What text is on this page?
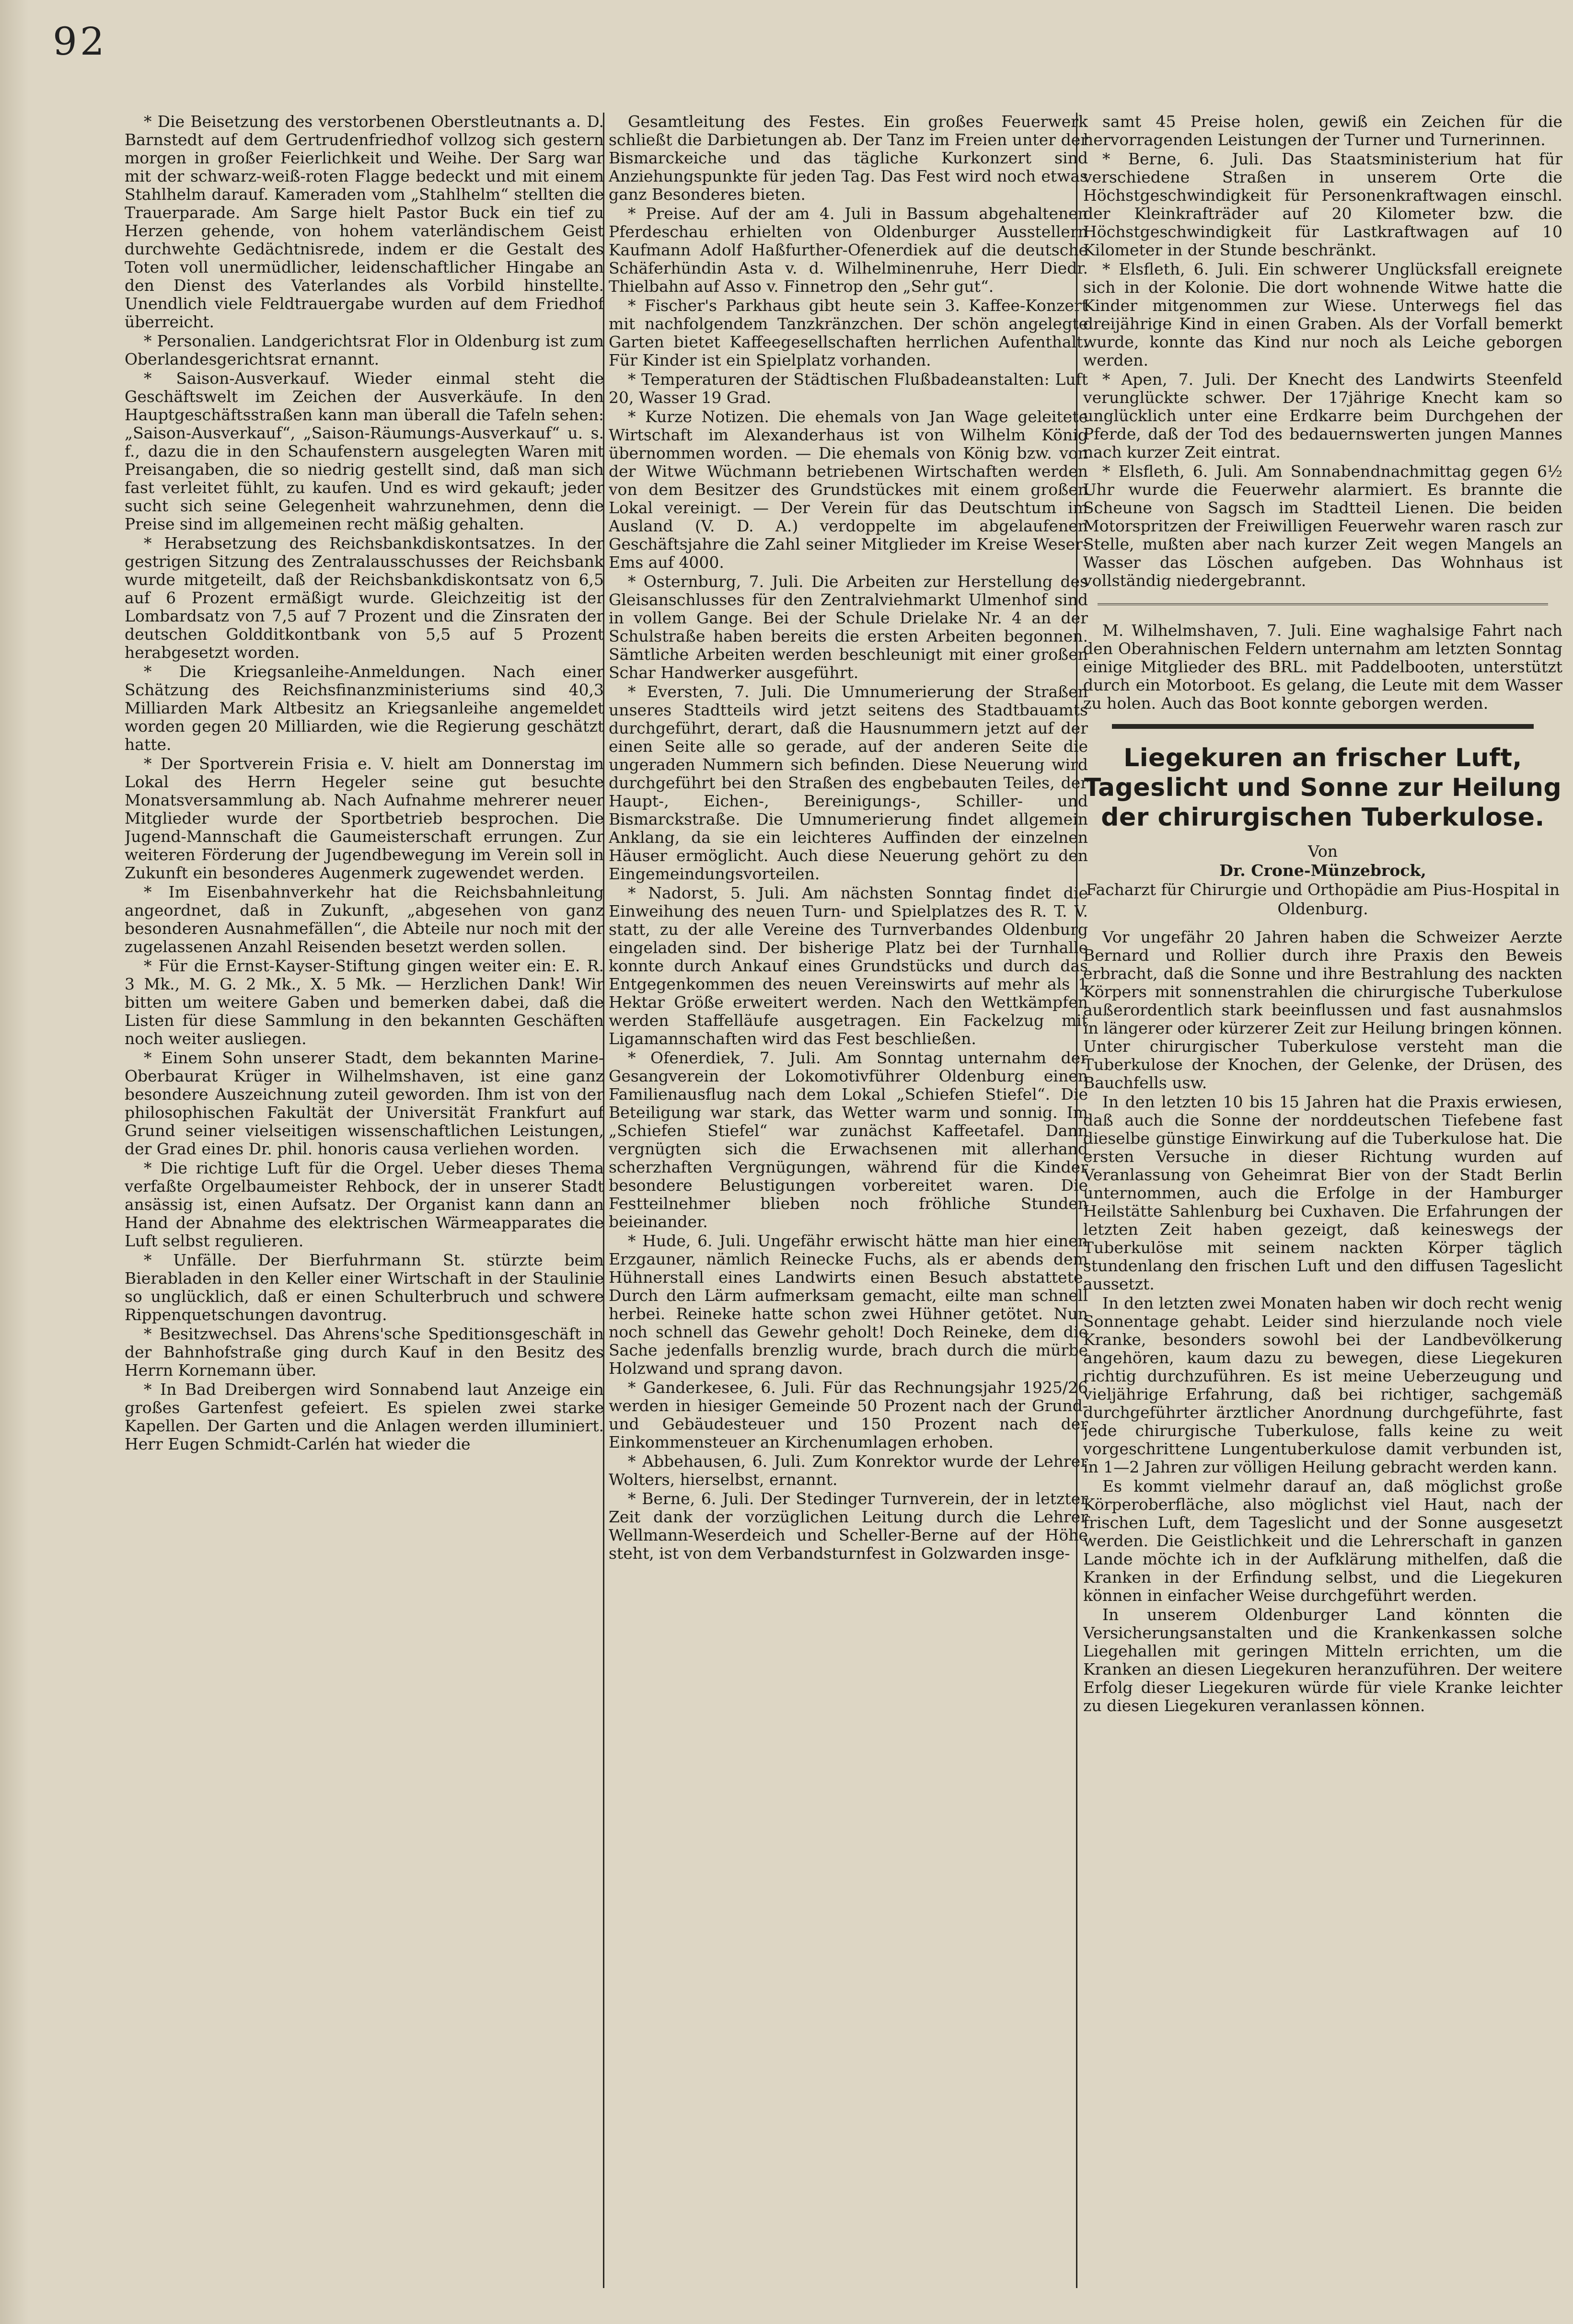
92

* Die Beisetzung des verstorbenen Oberstleutnants a. D. Barnstedt auf dem Gertrudenfriedhof vollzog sich gestern morgen in großer Feierlichkeit und Weihe. Der Sarg war mit der schwarz-weiß-roten Flagge bedeckt und mit einem Stahlhelm darauf. Kameraden vom „Stahlhelm“ stellten die Trauerparade. Am Sarge hielt Pastor Buck ein tief zu Herzen gehende, von hohem vaterländischem Geist durchwehte Gedächtnisrede, indem er die Gestalt des Toten voll unermüdlicher, leidenschaftlicher Hingabe an den Dienst des Vaterlandes als Vorbild hinstellte. Unendlich viele Feldtrauergabe wurden auf dem Friedhof überreicht.

* Personalien. Landgerichtsrat Flor in Oldenburg ist zum Oberlandesgerichtsrat ernannt.

* Saison-Ausverkauf. Wieder einmal steht die Geschäftswelt im Zeichen der Ausverkäufe. In den Hauptgeschäftsstraßen kann man überall die Tafeln sehen: „Saison-Ausverkauf“, „Saison-Räumungs-Ausverkauf“ u. s. f., dazu die in den Schaufenstern ausgelegten Waren mit Preisangaben, die so niedrig gestellt sind, daß man sich fast verleitet fühlt, zu kaufen. Und es wird gekauft; jeder sucht sich seine Gelegenheit wahrzunehmen, denn die Preise sind im allgemeinen recht mäßig gehalten.

* Herabsetzung des Reichsbankdiskontsatzes. In der gestrigen Sitzung des Zentralausschusses der Reichsbank wurde mitgeteilt, daß der Reichsbankdiskontsatz von 6,5 auf 6 Prozent ermäßigt wurde. Gleichzeitig ist der Lombardsatz von 7,5 auf 7 Prozent und die Zinsraten der deutschen Goldditkontbank von 5,5 auf 5 Prozent herabgesetzt worden.

* Die Kriegsanleihe-Anmeldungen. Nach einer Schätzung des Reichsfinanzministeriums sind 40,3 Milliarden Mark Altbesitz an Kriegsanleihe angemeldet worden gegen 20 Milliarden, wie die Regierung geschätzt hatte.

* Der Sportverein Frisia e. V. hielt am Donnerstag im Lokal des Herrn Hegeler seine gut besuchte Monatsversammlung ab. Nach Aufnahme mehrerer neuer Mitglieder wurde der Sportbetrieb besprochen. Die Jugend-Mannschaft die Gaumeisterschaft errungen. Zur weiteren Förderung der Jugendbewegung im Verein soll in Zukunft ein besonderes Augenmerk zugewendet werden.

* Im Eisenbahnverkehr hat die Reichsbahnleitung angeordnet, daß in Zukunft, „abgesehen von ganz besonderen Ausnahmefällen“, die Abteile nur noch mit der zugelassenen Anzahl Reisenden besetzt werden sollen.

* Für die Ernst-Kayser-Stiftung gingen weiter ein: E. R. 3 Mk., M. G. 2 Mk., X. 5 Mk. — Herzlichen Dank! Wir bitten um weitere Gaben und bemerken dabei, daß die Listen für diese Sammlung in den bekannten Geschäften noch weiter ausliegen.

* Einem Sohn unserer Stadt, dem bekannten Marine-Oberbaurat Krüger in Wilhelmshaven, ist eine ganz besondere Auszeichnung zuteil geworden. Ihm ist von der philosophischen Fakultät der Universität Frankfurt auf Grund seiner vielseitigen wissenschaftlichen Leistungen, der Grad eines Dr. phil. honoris causa verliehen worden.

* Die richtige Luft für die Orgel. Ueber dieses Thema verfaßte Orgelbaumeister Rehbock, der in unserer Stadt ansässig ist, einen Aufsatz. Der Organist kann dann an Hand der Abnahme des elektrischen Wärmeapparates die Luft selbst regulieren.

* Unfälle. Der Bierfuhrmann St. stürzte beim Bierabladen in den Keller einer Wirtschaft in der Staulinie so unglücklich, daß er einen Schulterbruch und schwere Rippenquetschungen davontrug.

* Besitzwechsel. Das Ahrens'sche Speditionsgeschäft in der Bahnhofstraße ging durch Kauf in den Besitz des Herrn Kornemann über.

* In Bad Dreibergen wird Sonnabend laut Anzeige ein großes Gartenfest gefeiert. Es spielen zwei starke Kapellen. Der Garten und die Anlagen werden illuminiert. Herr Eugen Schmidt-Carlén hat wieder die

Gesamtleitung des Festes. Ein großes Feuerwerk schließt die Darbietungen ab. Der Tanz im Freien unter der Bismarckeiche und das tägliche Kurkonzert sind Anziehungspunkte für jeden Tag. Das Fest wird noch etwas ganz Besonderes bieten.

* Preise. Auf der am 4. Juli in Bassum abgehaltenen Pferdeschau erhielten von Oldenburger Ausstellern Kaufmann Adolf Haßfurther-Ofenerdiek auf die deutsche Schäferhündin Asta v. d. Wilhelminenruhe, Herr Diedr. Thielbahn auf Asso v. Finnetrop den „Sehr gut“.

* Fischer's Parkhaus gibt heute sein 3. Kaffee-Konzert mit nachfolgendem Tanzkränzchen. Der schön angelegte Garten bietet Kaffeegesellschaften herrlichen Aufenthalt. Für Kinder ist ein Spielplatz vorhanden.

* Temperaturen der Städtischen Flußbadeanstalten: Luft 20, Wasser 19 Grad.

* Kurze Notizen. Die ehemals von Jan Wage geleitete Wirtschaft im Alexanderhaus ist von Wilhelm König übernommen worden. — Die ehemals von König bzw. von der Witwe Wüchmann betriebenen Wirtschaften werden von dem Besitzer des Grundstückes mit einem großen Lokal vereinigt. — Der Verein für das Deutschtum im Ausland (V. D. A.) verdoppelte im abgelaufenen Geschäftsjahre die Zahl seiner Mitglieder im Kreise Weser-Ems auf 4000.

* Osternburg, 7. Juli. Die Arbeiten zur Herstellung des Gleisanschlusses für den Zentralviehmarkt Ulmenhof sind in vollem Gange. Bei der Schule Drielake Nr. 4 an der Schulstraße haben bereits die ersten Arbeiten begonnen. Sämtliche Arbeiten werden beschleunigt mit einer großen Schar Handwerker ausgeführt.

* Eversten, 7. Juli. Die Umnumerierung der Straßen unseres Stadtteils wird jetzt seitens des Stadtbauamts durchgeführt, derart, daß die Hausnummern jetzt auf der einen Seite alle so gerade, auf der anderen Seite die ungeraden Nummern sich befinden. Diese Neuerung wird durchgeführt bei den Straßen des engbebauten Teiles, der Haupt-, Eichen-, Bereinigungs-, Schiller- und Bismarckstraße. Die Umnumerierung findet allgemein Anklang, da sie ein leichteres Auffinden der einzelnen Häuser ermöglicht. Auch diese Neuerung gehört zu den Eingemeindungsvorteilen.

* Nadorst, 5. Juli. Am nächsten Sonntag findet die Einweihung des neuen Turn- und Spielplatzes des R. T. V. statt, zu der alle Vereine des Turnverbandes Oldenburg eingeladen sind. Der bisherige Platz bei der Turnhalle konnte durch Ankauf eines Grundstücks und durch das Entgegenkommen des neuen Vereinswirts auf mehr als 1 Hektar Größe erweitert werden. Nach den Wettkämpfen werden Staffelläufe ausgetragen. Ein Fackelzug mit Ligamannschaften wird das Fest beschließen.

* Ofenerdiek, 7. Juli. Am Sonntag unternahm der Gesangverein der Lokomotivführer Oldenburg einen Familienausflug nach dem Lokal „Schiefen Stiefel“. Die Beteiligung war stark, das Wetter warm und sonnig. Im „Schiefen Stiefel“ war zunächst Kaffeetafel. Dann vergnügten sich die Erwachsenen mit allerhand scherzhaften Vergnügungen, während für die Kinder besondere Belustigungen vorbereitet waren. Die Festteilnehmer blieben noch fröhliche Stunden beieinander.

* Hude, 6. Juli. Ungefähr erwischt hätte man hier einen Erzgauner, nämlich Reinecke Fuchs, als er abends dem Hühnerstall eines Landwirts einen Besuch abstattete. Durch den Lärm aufmerksam gemacht, eilte man schnell herbei. Reineke hatte schon zwei Hühner getötet. Nun noch schnell das Gewehr geholt! Doch Reineke, dem die Sache jedenfalls brenzlig wurde, brach durch die mürbe Holzwand und sprang davon.

* Ganderkesee, 6. Juli. Für das Rechnungsjahr 1925/26 werden in hiesiger Gemeinde 50 Prozent nach der Grund- und Gebäudesteuer und 150 Prozent nach der Einkommensteuer an Kirchenumlagen erhoben.

* Abbehausen, 6. Juli. Zum Konrektor wurde der Lehrer Wolters, hierselbst, ernannt.

* Berne, 6. Juli. Der Stedinger Turnverein, der in letzter Zeit dank der vorzüglichen Leitung durch die Lehrer Wellmann-Weserdeich und Scheller-Berne auf der Höhe steht, ist von dem Verbandsturnfest in Golzwarden insge-

samt 45 Preise holen, gewiß ein Zeichen für die hervorragenden Leistungen der Turner und Turnerinnen.

* Berne, 6. Juli. Das Staatsministerium hat für verschiedene Straßen in unserem Orte die Höchstgeschwindigkeit für Personenkraftwagen einschl. der Kleinkrafträder auf 20 Kilometer bzw. die Höchstgeschwindigkeit für Lastkraftwagen auf 10 Kilometer in der Stunde beschränkt.

* Elsfleth, 6. Juli. Ein schwerer Unglücksfall ereignete sich in der Kolonie. Die dort wohnende Witwe hatte die Kinder mitgenommen zur Wiese. Unterwegs fiel das dreijährige Kind in einen Graben. Als der Vorfall bemerkt wurde, konnte das Kind nur noch als Leiche geborgen werden.

* Apen, 7. Juli. Der Knecht des Landwirts Steenfeld verunglückte schwer. Der 17jährige Knecht kam so unglücklich unter eine Erdkarre beim Durchgehen der Pferde, daß der Tod des bedauernswerten jungen Mannes nach kurzer Zeit eintrat.

* Elsfleth, 6. Juli. Am Sonnabendnachmittag gegen 6½ Uhr wurde die Feuerwehr alarmiert. Es brannte die Scheune von Sagsch im Stadtteil Lienen. Die beiden Motorspritzen der Freiwilligen Feuerwehr waren rasch zur Stelle, mußten aber nach kurzer Zeit wegen Mangels an Wasser das Löschen aufgeben. Das Wohnhaus ist vollständig niedergebrannt.

M. Wilhelmshaven, 7. Juli. Eine waghalsige Fahrt nach den Oberahnischen Feldern unternahm am letzten Sonntag einige Mitglieder des BRL. mit Paddelbooten, unterstützt durch ein Motorboot. Es gelang, die Leute mit dem Wasser zu holen. Auch das Boot konnte geborgen werden.

Liegekuren an frischer Luft, Tageslicht und Sonne zur Heilung der chirurgischen Tuberkulose.

Von

Dr. Crone-Münzebrock,

Facharzt für Chirurgie und Orthopädie am Pius-Hospital in Oldenburg.

Vor ungefähr 20 Jahren haben die Schweizer Aerzte Bernard und Rollier durch ihre Praxis den Beweis erbracht, daß die Sonne und ihre Bestrahlung des nackten Körpers mit sonnenstrahlen die chirurgische Tuberkulose außerordentlich stark beeinflussen und fast ausnahmslos in längerer oder kürzerer Zeit zur Heilung bringen können. Unter chirurgischer Tuberkulose versteht man die Tuberkulose der Knochen, der Gelenke, der Drüsen, des Bauchfells usw.

In den letzten 10 bis 15 Jahren hat die Praxis erwiesen, daß auch die Sonne der norddeutschen Tiefebene fast dieselbe günstige Einwirkung auf die Tuberkulose hat. Die ersten Versuche in dieser Richtung wurden auf Veranlassung von Geheimrat Bier von der Stadt Berlin unternommen, auch die Erfolge in der Hamburger Heilstätte Sahlenburg bei Cuxhaven. Die Erfahrungen der letzten Zeit haben gezeigt, daß keineswegs der Tuberkulöse mit seinem nackten Körper täglich stundenlang den frischen Luft und den diffusen Tageslicht aussetzt.

In den letzten zwei Monaten haben wir doch recht wenig Sonnentage gehabt. Leider sind hierzulande noch viele Kranke, besonders sowohl bei der Landbevölkerung angehören, kaum dazu zu bewegen, diese Liegekuren richtig durchzuführen. Es ist meine Ueberzeugung und vieljährige Erfahrung, daß bei richtiger, sachgemäß durchgeführter ärztlicher Anordnung durchgeführte, fast jede chirurgische Tuberkulose, falls keine zu weit vorgeschrittene Lungentuberkulose damit verbunden ist, in 1—2 Jahren zur völligen Heilung gebracht werden kann.

Es kommt vielmehr darauf an, daß möglichst große Körperoberfläche, also möglichst viel Haut, nach der frischen Luft, dem Tageslicht und der Sonne ausgesetzt werden. Die Geistlichkeit und die Lehrerschaft in ganzen Lande möchte ich in der Aufklärung mithelfen, daß die Kranken in der Erfindung selbst, und die Liegekuren können in einfacher Weise durchgeführt werden.

In unserem Oldenburger Land könnten die Versicherungsanstalten und die Krankenkassen solche Liegehallen mit geringen Mitteln errichten, um die Kranken an diesen Liegekuren heranzuführen. Der weitere Erfolg dieser Liegekuren würde für viele Kranke leichter zu diesen Liegekuren veranlassen können.
